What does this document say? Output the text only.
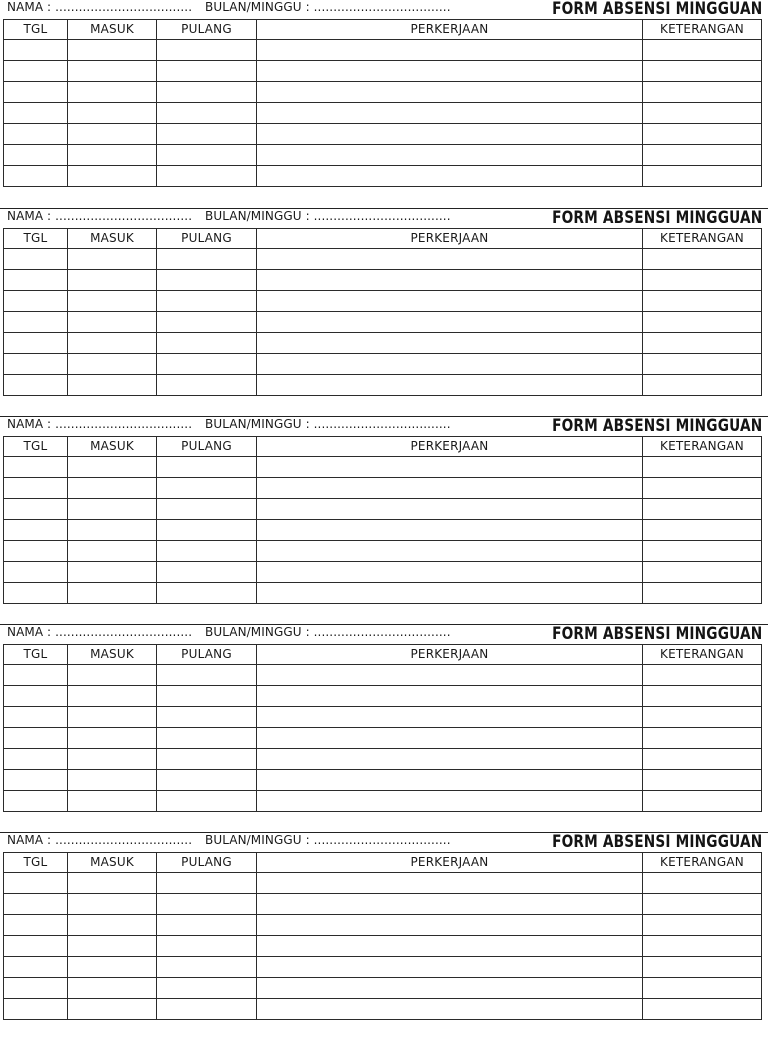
NAMA : ................................... BULAN/MINGGU : ...................................	FORM ABSENSI MINGGUAN
TGL	MASUK	PULANG	PERKERJAAN	KETERANGAN

NAMA : ................................... BULAN/MINGGU : ...................................	FORM ABSENSI MINGGUAN
TGL	MASUK	PULANG	PERKERJAAN	KETERANGAN

NAMA : ................................... BULAN/MINGGU : ...................................	FORM ABSENSI MINGGUAN
TGL	MASUK	PULANG	PERKERJAAN	KETERANGAN

NAMA : ................................... BULAN/MINGGU : ...................................	FORM ABSENSI MINGGUAN
TGL	MASUK	PULANG	PERKERJAAN	KETERANGAN

NAMA : ................................... BULAN/MINGGU : ...................................	FORM ABSENSI MINGGUAN
TGL	MASUK	PULANG	PERKERJAAN	KETERANGAN
